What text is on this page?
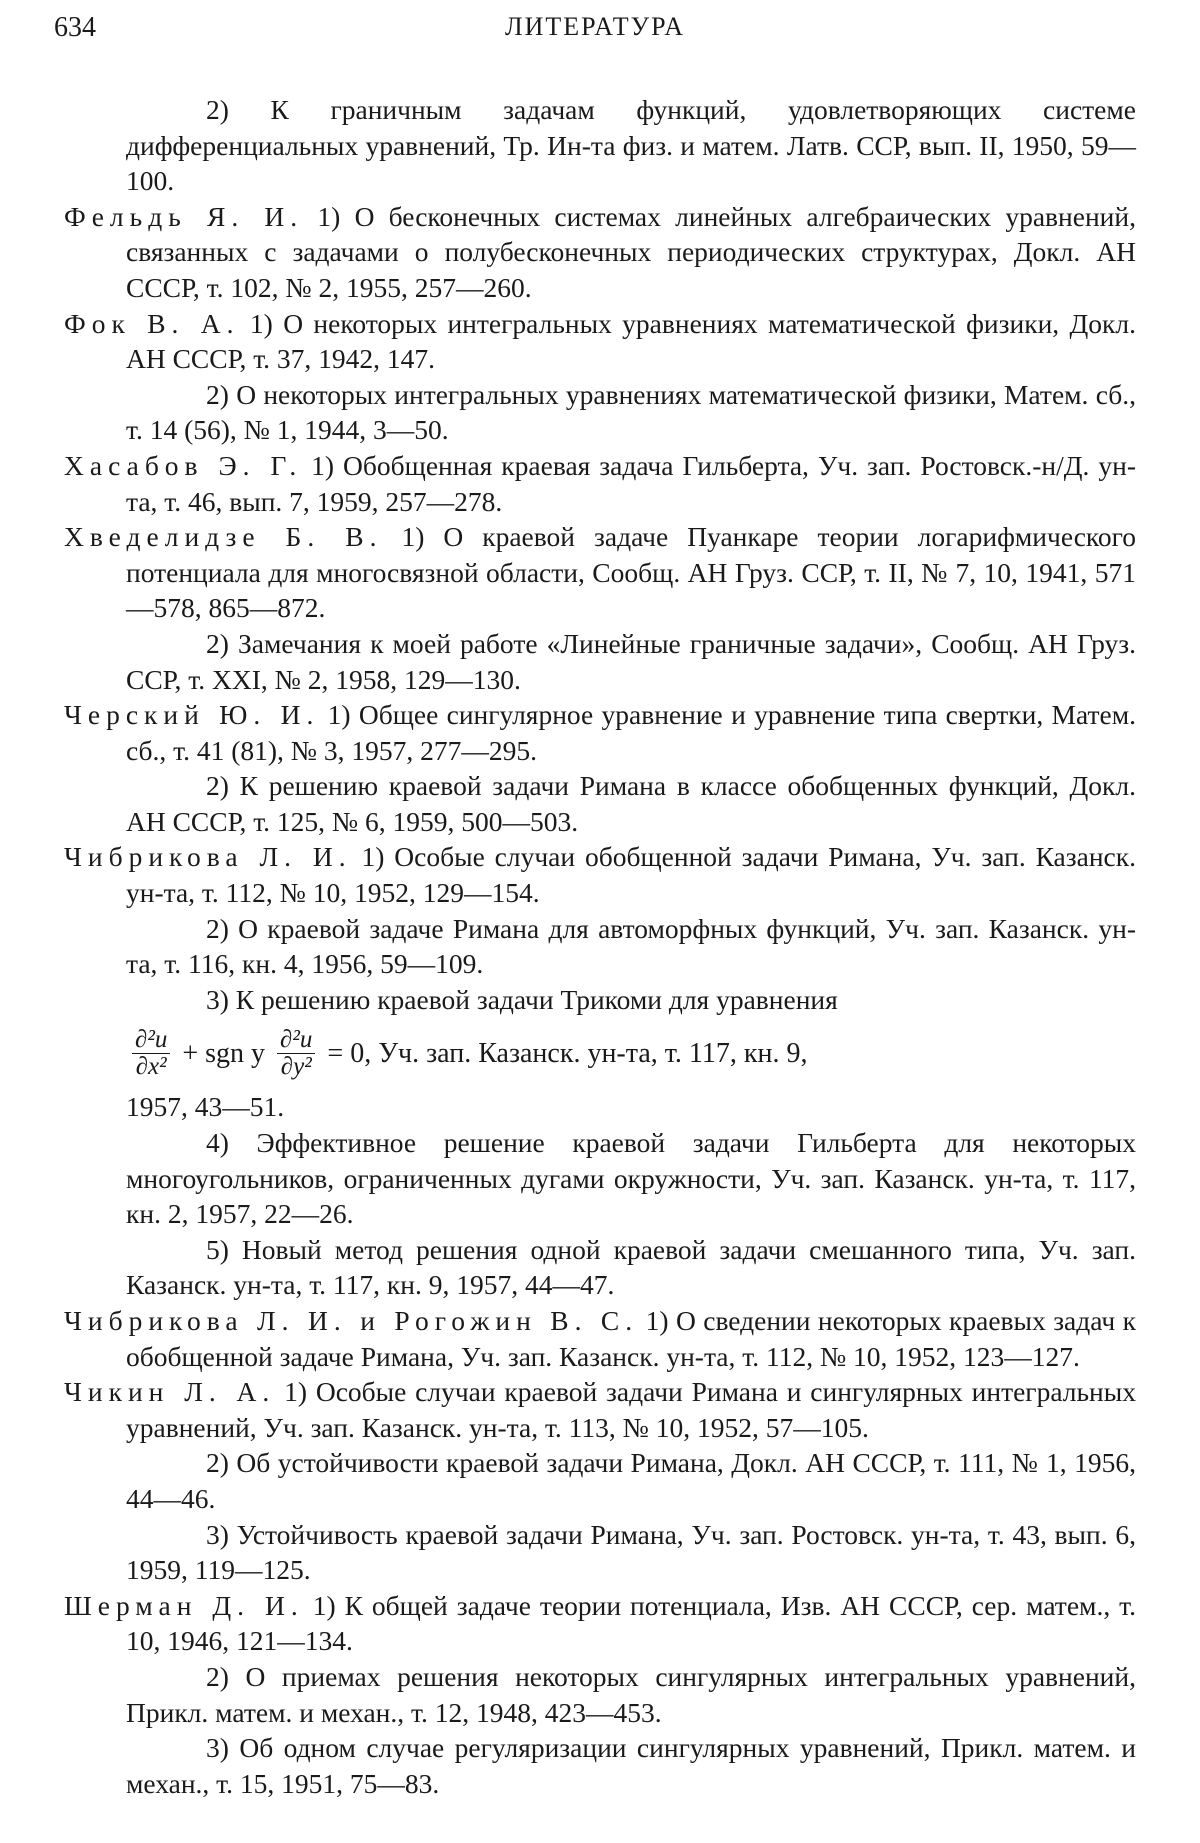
634	ЛИТЕРАТУРА

2) К граничным задачам функций, удовлетворяющих системе дифференциальных уравнений, Тр. Ин-та физ. и матем. Латв. ССР, вып. II, 1950, 59—100.

Фельдь Я. И. 1) О бесконечных системах линейных алгебраических уравнений, связанных с задачами о полубесконечных периодических структурах, Докл. АН СССР, т. 102, № 2, 1955, 257—260.

Фок В. А. 1) О некоторых интегральных уравнениях математической физики, Докл. АН СССР, т. 37, 1942, 147.

2) О некоторых интегральных уравнениях математической физики, Матем. сб., т. 14 (56), № 1, 1944, 3—50.

Хасабов Э. Г. 1) Обобщенная краевая задача Гильберта, Уч. зап. Ростовск.-н/Д. ун-та, т. 46, вып. 7, 1959, 257—278.

Хведелидзе Б. В. 1) О краевой задаче Пуанкаре теории логарифмического потенциала для многосвязной области, Сообщ. АН Груз. ССР, т. II, № 7, 10, 1941, 571—578, 865—872.

2) Замечания к моей работе «Линейные граничные задачи», Сообщ. АН Груз. ССР, т. XXI, № 2, 1958, 129—130.

Черский Ю. И. 1) Общее сингулярное уравнение и уравнение типа свертки, Матем. сб., т. 41 (81), № 3, 1957, 277—295.

2) К решению краевой задачи Римана в классе обобщенных функций, Докл. АН СССР, т. 125, № 6, 1959, 500—503.

Чибрикова Л. И. 1) Особые случаи обобщенной задачи Римана, Уч. зап. Казанск. ун-та, т. 112, № 10, 1952, 129—154.

2) О краевой задаче Римана для автоморфных функций, Уч. зап. Казанск. ун-та, т. 116, кн. 4, 1956, 59—109.

3) К решению краевой задачи Трикоми для уравнения

$\frac{\text{∂²u}}{\text{∂x²}}$ + sgn y $\frac{\text{∂²u}}{\text{∂y²}} = 0$, Уч. зап. Казанск. ун-та, т. 117, кн. 9,
1957, 43—51.

4) Эффективное решение краевой задачи Гильберта для некоторых многоугольников, ограниченных дугами окружности, Уч. зап. Казанск. ун-та, т. 117, кн. 2, 1957, 22—26.

5) Новый метод решения одной краевой задачи смешанного типа, Уч. зап. Казанск. ун-та, т. 117, кн. 9, 1957, 44—47.

Чибрикова Л. И. и Рогожин В. С. 1) О сведении некоторых краевых задач к обобщенной задаче Римана, Уч. зап. Казанск. ун-та, т. 112, № 10, 1952, 123—127.

Чикин Л. А. 1) Особые случаи краевой задачи Римана и сингулярных интегральных уравнений, Уч. зап. Казанск. ун-та, т. 113, № 10, 1952, 57—105.

2) Об устойчивости краевой задачи Римана, Докл. АН СССР, т. 111, № 1, 1956, 44—46.

3) Устойчивость краевой задачи Римана, Уч. зап. Ростовск. ун-та, т. 43, вып. 6, 1959, 119—125.

Шерман Д. И. 1) К общей задаче теории потенциала, Изв. АН СССР, сер. матем., т. 10, 1946, 121—134.

2) О приемах решения некоторых сингулярных интегральных уравнений, Прикл. матем. и механ., т. 12, 1948, 423—453.

3) Об одном случае регуляризации сингулярных уравнений, Прикл. матем. и механ., т. 15, 1951, 75—83.
